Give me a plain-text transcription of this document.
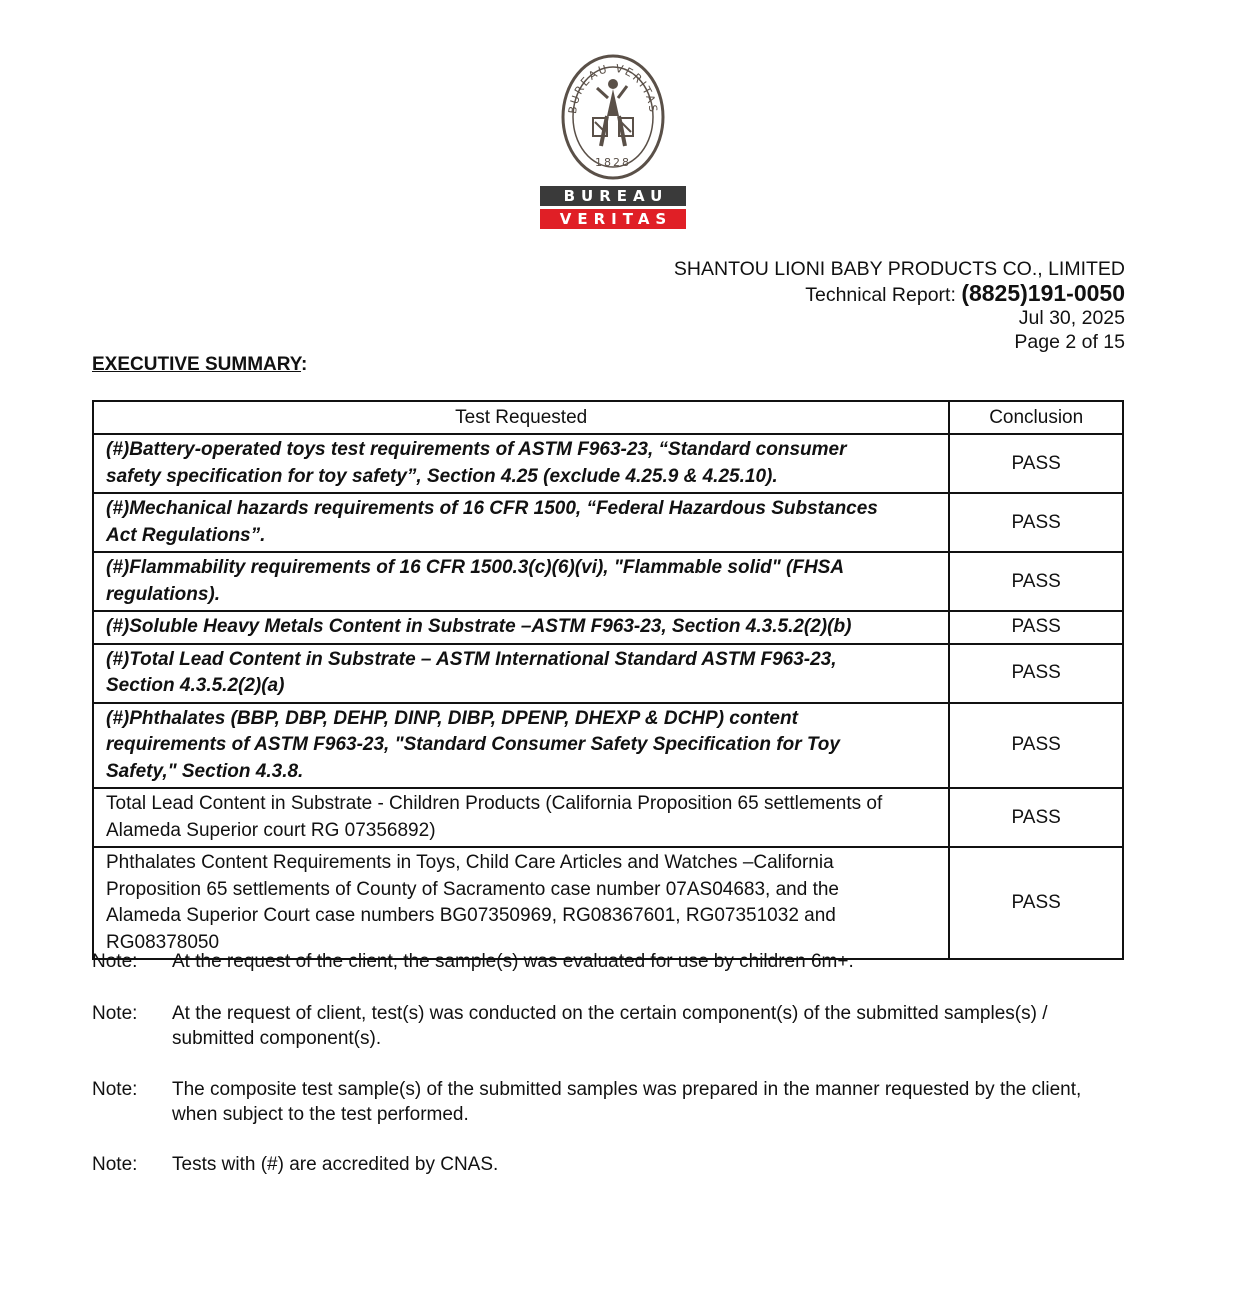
BUREAU VERITAS
1828
BUREAU
VERITAS
SHANTOU LIONI BABY PRODUCTS CO., LIMITED
Technical Report: (8825)191-0050
Jul 30, 2025
Page 2 of 15
EXECUTIVE SUMMARY:
Test Requested	Conclusion

(#)Battery-operated toys test requirements of ASTM F963-23, “Standard consumer
safety specification for toy safety”, Section 4.25 (exclude 4.25.9 & 4.25.10).	PASS

(#)Mechanical hazards requirements of 16 CFR 1500, “Federal Hazardous Substances
Act Regulations”.	PASS

(#)Flammability requirements of 16 CFR 1500.3(c)(6)(vi), "Flammable solid" (FHSA
regulations).	PASS

(#)Soluble Heavy Metals Content in Substrate –ASTM F963-23, Section 4.3.5.2(2)(b)	PASS

(#)Total Lead Content in Substrate – ASTM International Standard ASTM F963-23,
Section 4.3.5.2(2)(a)	PASS

(#)Phthalates (BBP, DBP, DEHP, DINP, DIBP, DPENP, DHEXP & DCHP) content
requirements of ASTM F963-23, "Standard Consumer Safety Specification for Toy
Safety," Section 4.3.8.	PASS

Total Lead Content in Substrate - Children Products (California Proposition 65 settlements of
Alameda Superior court RG 07356892)	PASS

Phthalates Content Requirements in Toys, Child Care Articles and Watches –California
Proposition 65 settlements of County of Sacramento case number 07AS04683, and the
Alameda Superior Court case numbers BG07350969, RG08367601, RG07351032 and
RG08378050	PASS
Note: At the request of the client, the sample(s) was evaluated for use by children 6m+.
Note: At the request of client, test(s) was conducted on the certain component(s) of the submitted samples(s) /
submitted component(s).
Note: The composite test sample(s) of the submitted samples was prepared in the manner requested by the client,
when subject to the test performed.
Note: Tests with (#) are accredited by CNAS.
